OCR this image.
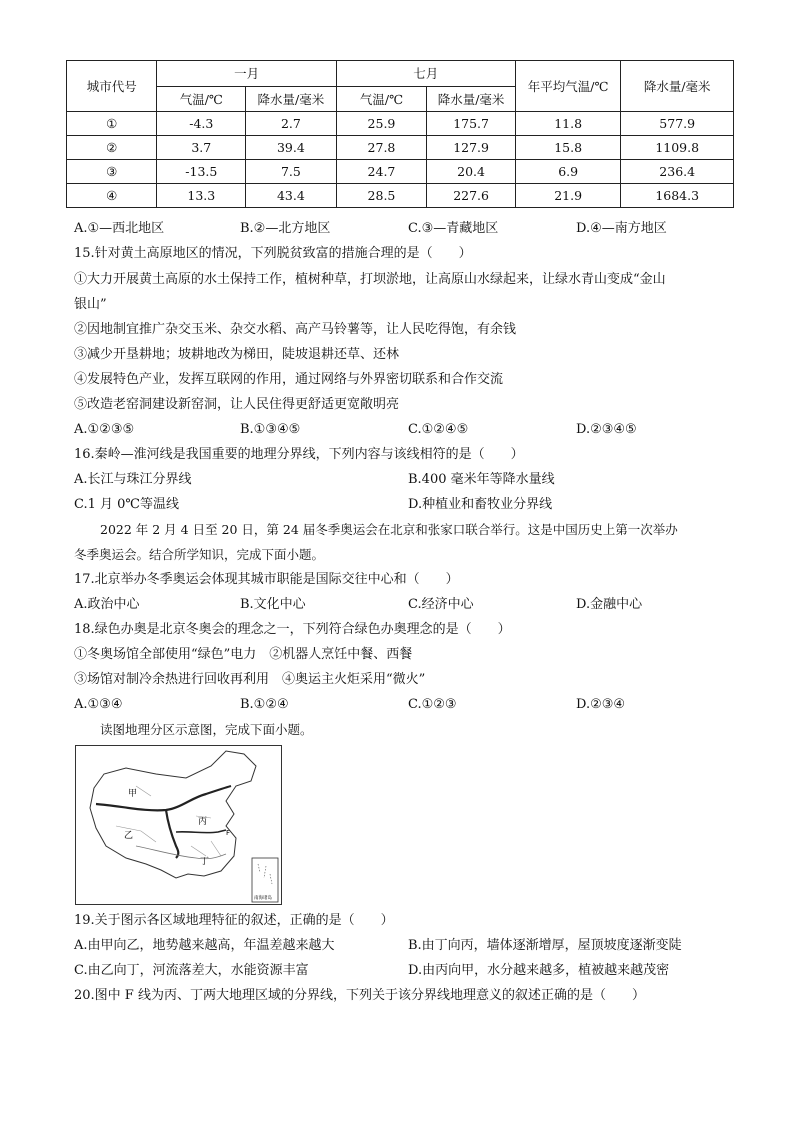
城市代号	一月		七月		年平均气温/℃	降水量/毫米
	气温/℃	降水量/毫米	气温/℃	降水量/毫米		
①	-4.3	2.7	25.9	175.7	11.8	577.9
②	3.7	39.4	27.8	127.9	15.8	1109.8
③	-13.5	7.5	24.7	20.4	6.9	236.4
④	13.3	43.4	28.5	227.6	21.9	1684.3
A.①—西北地区	B.②—北方地区	C.③—青藏地区	D.④—南方地区
15.针对黄土高原地区的情况，下列脱贫致富的措施合理的是（　　）
①大力开展黄土高原的水土保持工作，植树种草，打坝淤地，让高原山水绿起来，让绿水青山变成“金山
银山”
②因地制宜推广杂交玉米、杂交水稻、高产马铃薯等，让人民吃得饱，有余钱
③减少开垦耕地；坡耕地改为梯田，陡坡退耕还草、还林
④发展特色产业，发挥互联网的作用，通过网络与外界密切联系和合作交流
⑤改造老窑洞建设新窑洞，让人民住得更舒适更宽敞明亮
A.①②③⑤	B.①③④⑤	C.①②④⑤	D.②③④⑤
16.秦岭—淮河线是我国重要的地理分界线，下列内容与该线相符的是（　　）
A.长江与珠江分界线	B.400 毫米年等降水量线
C.1 月 0℃等温线	D.种植业和畜牧业分界线
2022 年 2 月 4 日至 20 日，第 24 届冬季奥运会在北京和张家口联合举行。这是中国历史上第一次举办
冬季奥运会。结合所学知识，完成下面小题。
17.北京举办冬季奥运会体现其城市职能是国际交往中心和（　　）
A.政治中心	B.文化中心	C.经济中心	D.金融中心
18.绿色办奥是北京冬奥会的理念之一，下列符合绿色办奥理念的是（　　）
①冬奥场馆全部使用“绿色”电力　②机器人烹饪中餐、西餐
③场馆对制冷余热进行回收再利用　④奥运主火炬采用“微火”
A.①③④	B.①②④	C.①②③	D.②③④
读图地理分区示意图，完成下面小题。
甲
乙
丙
丁
F
南海诸岛
19.关于图示各区域地理特征的叙述，正确的是（　　）
A.由甲向乙，地势越来越高，年温差越来越大	B.由丁向丙，墙体逐渐增厚，屋顶坡度逐渐变陡
C.由乙向丁，河流落差大，水能资源丰富	D.由丙向甲，水分越来越多，植被越来越茂密
20.图中 F 线为丙、丁两大地理区域的分界线，下列关于该分界线地理意义的叙述正确的是（　　）
